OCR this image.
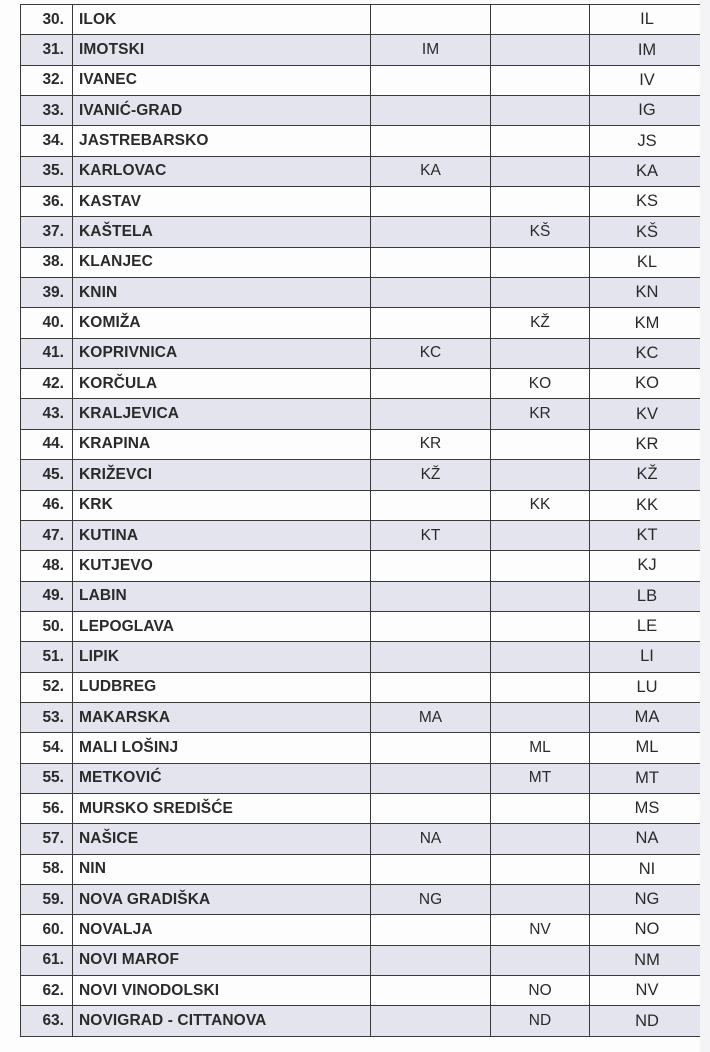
30.	ILOK			IL
31.	IMOTSKI	IM		IM
32.	IVANEC			IV
33.	IVANIĆ-GRAD			IG
34.	JASTREBARSKO			JS
35.	KARLOVAC	KA		KA
36.	KASTAV			KS
37.	KAŠTELA		KŠ	KŠ
38.	KLANJEC			KL
39.	KNIN			KN
40.	KOMIŽA		KŽ	KM
41.	KOPRIVNICA	KC		KC
42.	KORČULA		KO	KO
43.	KRALJEVICA		KR	KV
44.	KRAPINA	KR		KR
45.	KRIŽEVCI	KŽ		KŽ
46.	KRK		KK	KK
47.	KUTINA	KT		KT
48.	KUTJEVO			KJ
49.	LABIN			LB
50.	LEPOGLAVA			LE
51.	LIPIK			LI
52.	LUDBREG			LU
53.	MAKARSKA	MA		MA
54.	MALI LOŠINJ		ML	ML
55.	METKOVIĆ		MT	MT
56.	MURSKO SREDIŠĆE			MS
57.	NAŠICE	NA		NA
58.	NIN			NI
59.	NOVA GRADIŠKA	NG		NG
60.	NOVALJA		NV	NO
61.	NOVI MAROF			NM
62.	NOVI VINODOLSKI		NO	NV
63.	NOVIGRAD - CITTANOVA		ND	ND
